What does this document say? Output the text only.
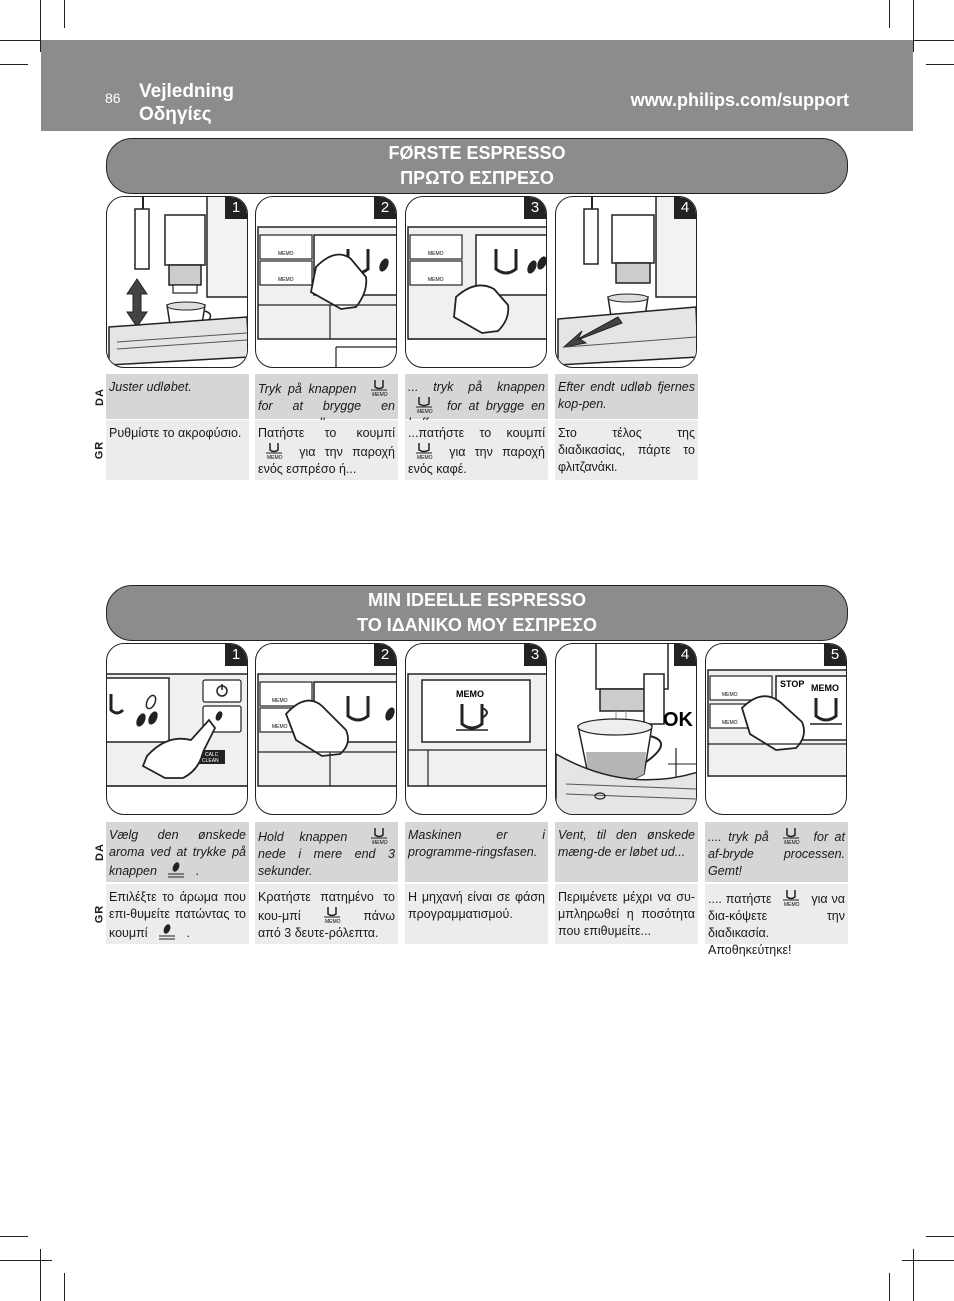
86 Vejledning
Οδηγίες
www.philips.com/support
FØRSTE ESPRESSO
ΠΡΩΤΟ ΕΣΠΡΕΣΟ
1	2
MEMO
MEMO
3
MEMO
MEMO
4
DA
GR
Juster udløbet.
Ρυθμίστε το ακροφύσιο.
Tryk på knappen	MEMO
for at brygge en
Πατήστε το κουμπί
MEMO για την παροχή ενός εσπρέσο ή...
... tryk på knappen
MEMO for at brygge en
...πατήστε το κουμπί
MEMO για την παροχή ενός καφέ.
Efter endt udløb fjernes kop-pen.
Στο τέλος της διαδικασίας, πάρτε το φλιτζανάκι.
MIN IDEELLE ESPRESSO
ΤΟ ΙΔΑΝΙΚΟ ΜΟΥ ΕΣΠΡΕΣΟ
1
CALC
CLEAN
2
MEMO
MEMO
3
MEMO
4
OK
5
MEMO
MEMO
STOP MEMO
DA
GR
Vælg den ønskede aroma ved at trykke på knappen	.
Επιλέξτε το άρωμα που επι-θυμείτε πατώντας το κουμπί	.
Hold knappen	MEMO
nede i mere end 3 sekunder.
Κρατήστε πατημένο το κου-μπί	MEMO πάνω από 3 δευτε-ρόλεπτα.
Maskinen er i programme-ringsfasen.
Η μηχανή είναι σε φάση προγραμματισμού.
Vent, til den ønskede mæng-de er løbet ud...
Περιμένετε μέχρι να συ-μπληρωθεί η ποσότητα που επιθυμείτε...
.... tryk på	MEMO for at af-bryde processen. Gemt!
.... πατήστε	MEMO για να δια-κόψετε την διαδικασία. Αποθηκεύτηκε!
